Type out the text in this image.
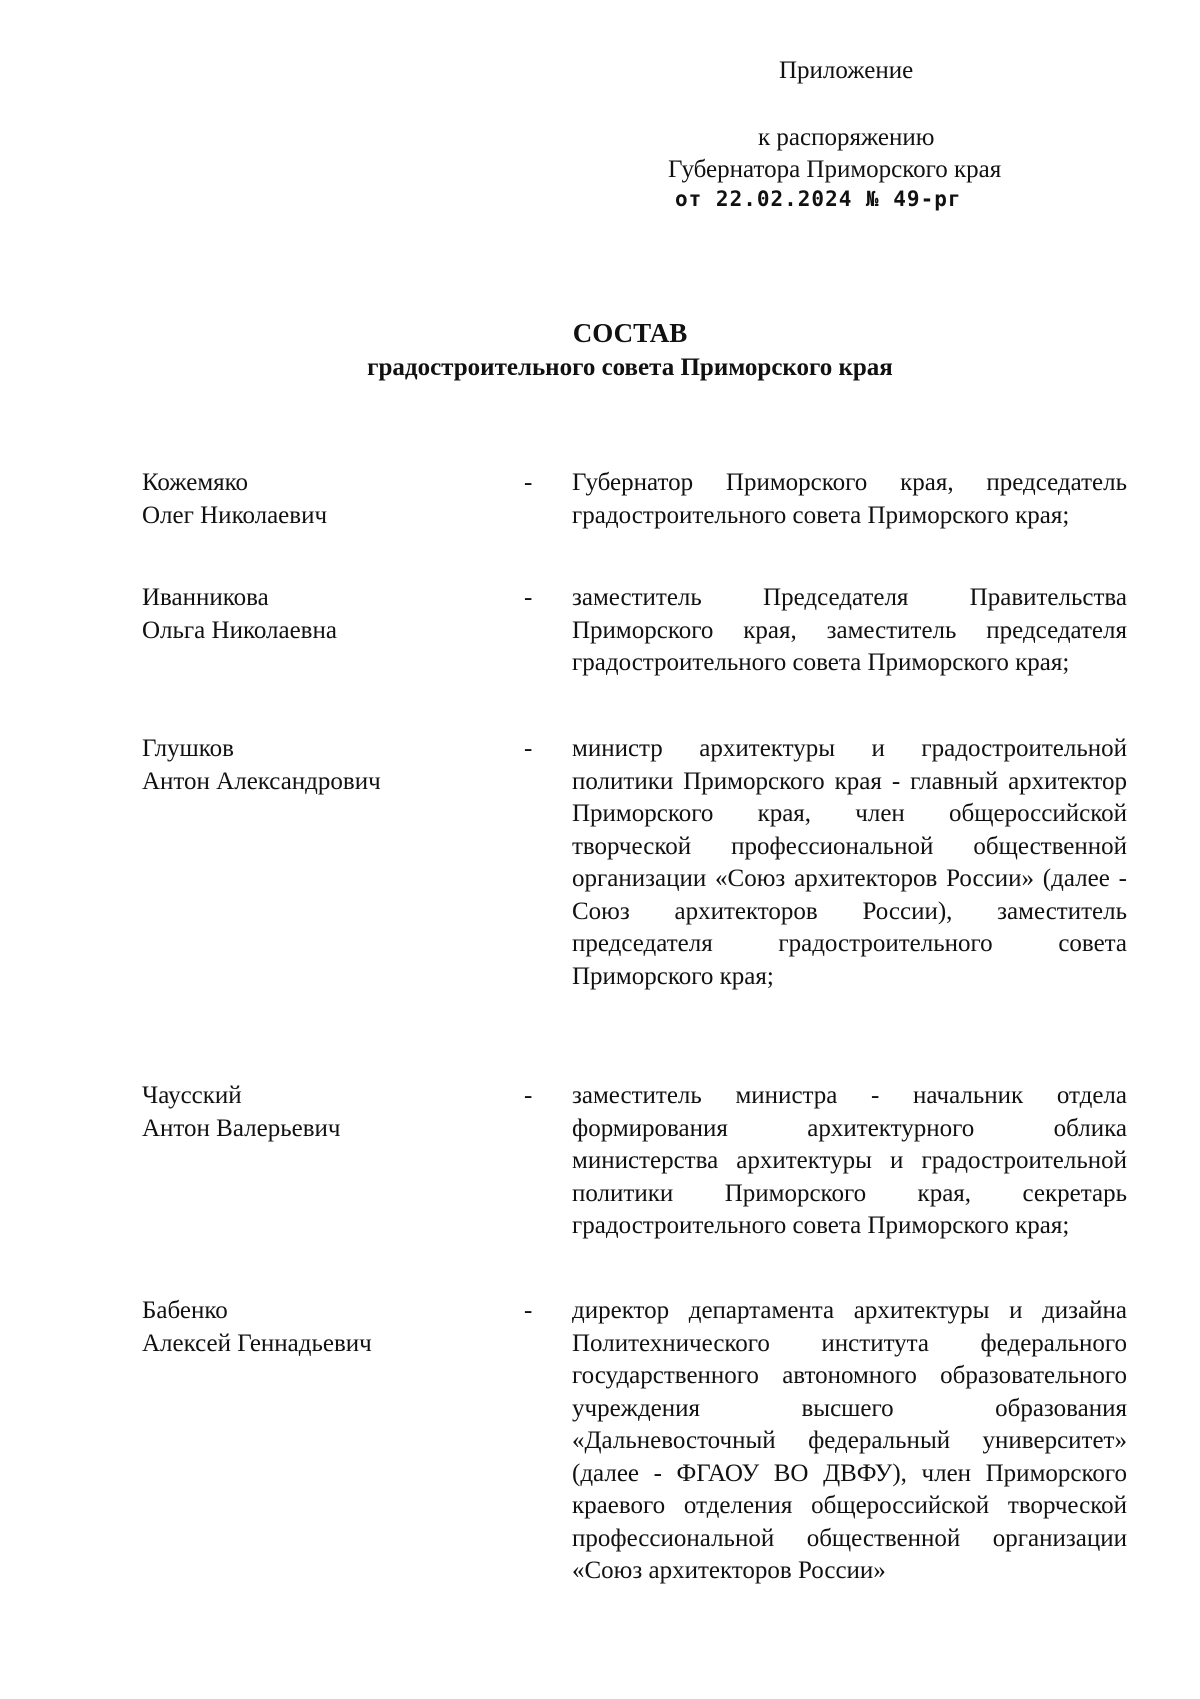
Приложение
к распоряжению
Губернатора Приморского края
от 22.02.2024 № 49-рг
СОСТАВ
градостроительного совета Приморского края
Кожемяко
Олег Николаевич
- Губернатор Приморского края, председатель градостроительного совета Приморского края;
Иванникова
Ольга Николаевна
- заместитель Председателя Правительства Приморского края, заместитель председателя градостроительного совета Приморского края;
Глушков
Антон Александрович
- министр архитектуры и градостроительной политики Приморского края - главный архитектор Приморского края, член общероссийской творческой профессиональной общественной организации «Союз архитекторов России» (далее - Союз архитекторов России), заместитель председателя градостроительного совета Приморского края;
Чаусский
Антон Валерьевич
- заместитель министра - начальник отдела формирования архитектурного облика министерства архитектуры и градостроительной политики Приморского края, секретарь градостроительного совета Приморского края;
Бабенко
Алексей Геннадьевич
- директор департамента архитектуры и дизайна Политехнического института федерального государственного автономного образовательного учреждения высшего образования «Дальневосточный федеральный университет» (далее - ФГАОУ ВО ДВФУ), член Приморского краевого отделения общероссийской творческой профессиональной общественной организации «Союз архитекторов России»
